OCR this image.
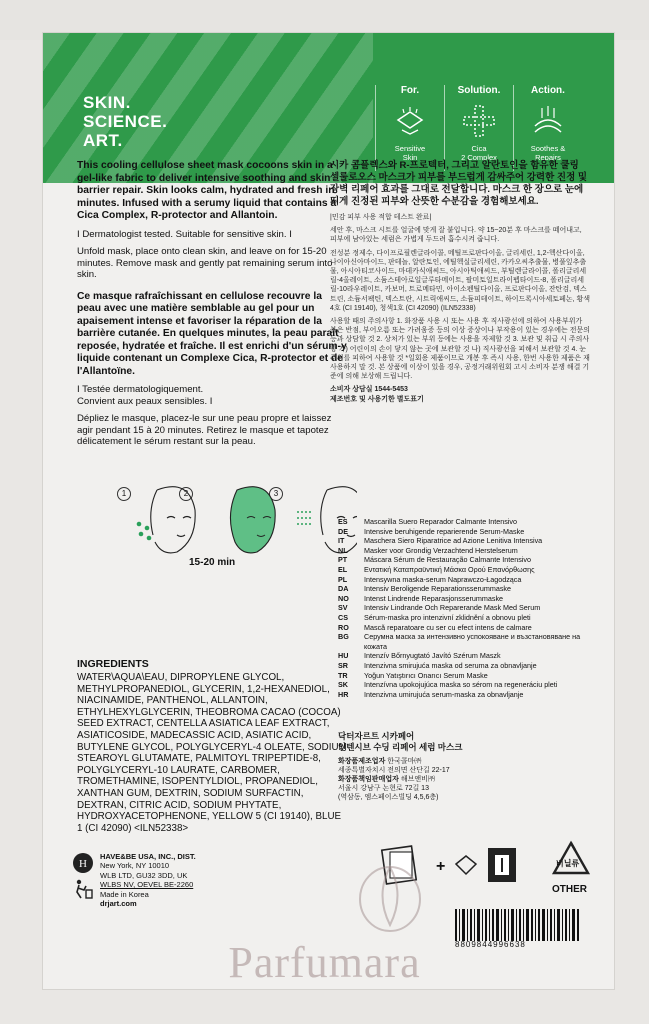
SKIN.
SCIENCE.
ART.
For.
Sensitive
Skin
Solution.
Cica
2 Complex
Action.
Soothes &
Repairs

This cooling cellulose sheet mask cocoons skin in a gel-like fabric to deliver intensive soothing and skin barrier repair. Skin looks calm, hydrated and fresh in minutes. Infused with a serumy liquid that contains a Cica Complex, R-protector and Allantoin.

I Dermatologist tested. Suitable for sensitive skin. I

Unfold mask, place onto clean skin, and leave on for 15-20 minutes. Remove mask and gently pat remaining serum into skin.

Ce masque rafraîchissant en cellulose recouvre la peau avec une matière semblable au gel pour un apaisement intense et favoriser la réparation de la barrière cutanée. En quelques minutes, la peau paraît reposée, hydratée et fraîche. Il est enrichi d'un sérum-y liquide contenant un Complexe Cica, R-protector et de l'Allantoïne.

I Testée dermatologiquement.

Convient aux peaux sensibles. I

Dépliez le masque, placez-le sur une peau propre et laissez agir pendant 15 à 20 minutes. Retirez le masque et tapotez délicatement le sérum restant sur la peau.

1	2	3
15-20 min
INGREDIENTS
WATER\AQUA\EAU, DIPROPYLENE GLYCOL, METHYLPROPANEDIOL, GLYCERIN, 1,2-HEXANEDIOL, NIACINAMIDE, PANTHENOL, ALLANTOIN, ETHYLHEXYLGLYCERIN, THEOBROMA CACAO (COCOA) SEED EXTRACT, CENTELLA ASIATICA LEAF EXTRACT, ASIATICOSIDE, MADECASSIC ACID, ASIATIC ACID, BUTYLENE GLYCOL, POLYGLYCERYL-4 OLEATE, SODIUM STEAROYL GLUTAMATE, PALMITOYL TRIPEPTIDE-8, POLYGLYCERYL-10 LAURATE, CARBOMER, TROMETHAMINE, ISOPENTYLDIOL, PROPANEDIOL, XANTHAN GUM, DEXTRIN, SODIUM SURFACTIN, DEXTRAN, CITRIC ACID, SODIUM PHYTATE, HYDROXYACETOPHENONE, YELLOW 5 (CI 19140), BLUE 1 (CI 42090) <ILN52338>
H
HAVE&BE USA, INC., DIST.
New York, NY 10010
WLB LTD, GU32 3DD, UK
WLBS NV, OEVEL BE-2260
Made in Korea
drjart.com

시카 콤플렉스와 R-프로텍터, 그리고 알란토인을 함유한 쿨링 셀룰로오스 마스크가 피부를 부드럽게 감싸주어 강력한 진정 및 장벽 리페어 효과를 그대로 전달합니다. 마스크 한 장으로 눈에 띄게 진정된 피부와 산뜻한 수분감을 경험해보세요.

|민감 피부 사용 적합 테스트 완료|

세안 후, 마스크 시트를 얼굴에 맞게 잘 붙입니다. 약 15~20분 후 마스크를 떼어내고, 피부에 남아있는 세럼은 가볍게 두드려 흡수시켜 줍니다.

전성분 정제수, 다이프로필렌글라이콜, 메틸프로판다이올, 글리세린, 1,2-헥산다이올, 나이아신아마이드, 판테놀, 알란토인, 에틸헥실글리세린, 카카오씨추출물, 병풀잎추출물, 아시아티코사이드, 마데카식애씨드, 아시아틱애씨드, 부틸렌글라이콜, 폴리글리세릴-4올레이트, 소듐스테아로일글루타메이트, 팔미토일트라이펩타이드-8, 폴리글리세릴-10라우레이트, 카보머, 트로메타민, 아이소펜틸다이올, 프로판다이올, 잔탄검, 덱스트린, 소듐서팩틴, 덱스트란, 시트릭애씨드, 소듐피테이트, 하이드록시아세토페논, 황색4호 (CI 19140), 청색1호 (CI 42090) (ILN52338)

사용할 때의 주의사항 1. 화장품 사용 시 또는 사용 후 직사광선에 의하여 사용부위가 붉은 반점, 부어오름 또는 가려움증 등의 이상 증상이나 부작용이 있는 경우에는 전문의 등과 상담할 것 2. 상처가 있는 부위 등에는 사용을 자제할 것 3. 보관 및 취급 시 주의사항 가) 어린이의 손이 닿지 않는 곳에 보관할 것 나) 직사광선을 피해서 보관할 것 4. 눈 주위를 피하여 사용할 것 *일회용 제품이므로 개봉 후 즉시 사용, 한번 사용한 제품은 재사용하지 말 것. 본 상품에 이상이 있을 경우, 공정거래위원회 고시 소비자 분쟁 해결 기준에 의해 보상해 드립니다.

소비자 상담실 1544-5453

제조번호 및 사용기한 별도표기

ES	Mascarilla Suero Reparador Calmante Intensivo
DE	Intensive beruhigende reparierende Serum-Maske
IT	Maschera Siero Riparatrice ad Azione Lenitiva Intensiva
NL	Masker voor Grondig Verzachtend Herstelserum
PT	Máscara Sérum de Restauração Calmante Intensivo
EL	Εντατική Καταπραϋντική Μάσκα Ορού Επανόρθωσης
PL	Intensywna maska-serum Naprawczo-Łagodząca
DA	Intensiv Beroligende Reparationsserummaske
NO	Intenst Lindrende Reparasjonsserummaske
SV	Intensiv Lindrande Och Reparerande Mask Med Serum
CS	Sérum-maska pro intenzivní zklidnění a obnovu pleti
RO	Mască reparatoare cu ser cu efect intens de calmare
BG	Серумна маска за интензивно успокояване и възстановяване на кожата
HU	Intenzív Bőrnyugtató Javító Szérum Maszk
SR	Intenzivna smirujuća maska od seruma za obnavljanje
TR	Yoğun Yatıştırıcı Onarıcı Serum Maske
SK	Intenzívna upokojujúca maska so sérom na regeneráciu pleti
HR	Intenzivna umirujuća serum-maska za obnavljanje
닥터자르트 시카페어
인텐시브 수딩 리페어 세럼 마스크
화장품제조업자 한국콜마㈜
세종특별자치시 전의면 산단길 22-17
화장품책임판매업자 해브앤비㈜
서울시 강남구 논현로 72길 13
(역삼동, 엠스페이스빌딩 4,5,6층)
+	비닐류
OTHER
8809844996638
Parfumara
